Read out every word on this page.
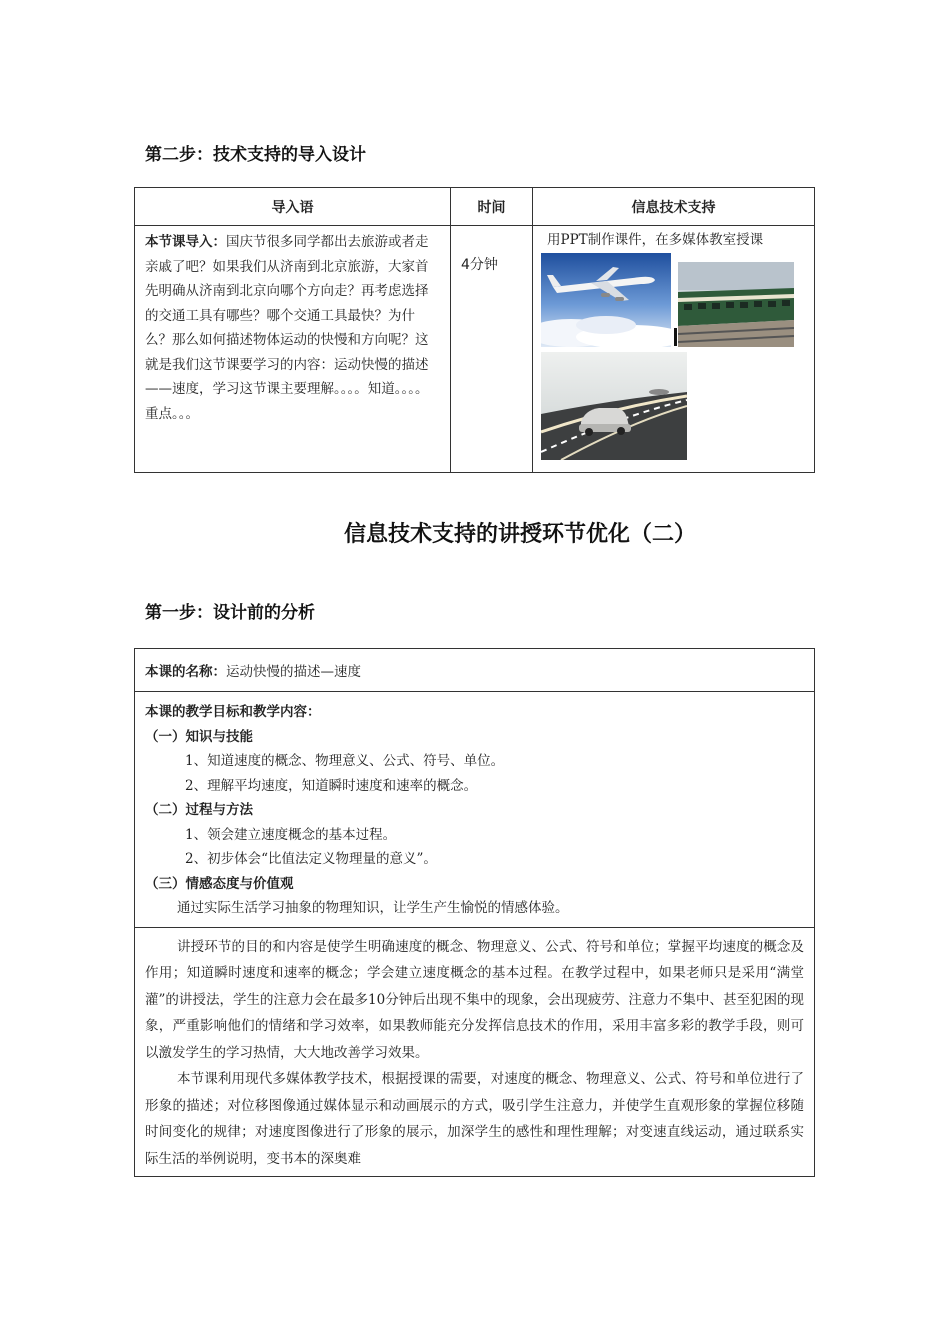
第二步：技术支持的导入设计
导入语	时间	信息技术支持
本节课导入：国庆节很多同学都出去旅游或者走亲戚了吧？如果我们从济南到北京旅游，大家首先明确从济南到北京向哪个方向走？再考虑选择的交通工具有哪些？哪个交通工具最快？为什么？那么如何描述物体运动的快慢和方向呢？这就是我们这节课要学习的内容：运动快慢的描述——速度，学习这节课主要理解。。。。知道。。。。重点。。。	4分钟	用PPT制作课件，在多媒体教室授课
信息技术支持的讲授环节优化（二）
第一步：设计前的分析
本课的名称：运动快慢的描述—速度

本课的教学目标和教学内容：
（一）知识与技能
1、知道速度的概念、物理意义、公式、符号、单位。
2、理解平均速度，知道瞬时速度和速率的概念。
（二）过程与方法
1、领会建立速度概念的基本过程。
2、初步体会“比值法定义物理量的意义”。
（三）情感态度与价值观
通过实际生活学习抽象的物理知识，让学生产生愉悦的情感体验。

讲授环节的目的和内容是使学生明确速度的概念、物理意义、公式、符号和单位；掌握平均速度的概念及作用；知道瞬时速度和速率的概念；学会建立速度概念的基本过程。在教学过程中，如果老师只是采用“满堂灌”的讲授法，学生的注意力会在最多10分钟后出现不集中的现象，会出现疲劳、注意力不集中、甚至犯困的现象，严重影响他们的情绪和学习效率，如果教师能充分发挥信息技术的作用，采用丰富多彩的教学手段，则可以激发学生的学习热情，大大地改善学习效果。

本节课利用现代多媒体教学技术，根据授课的需要，对速度的概念、物理意义、公式、符号和单位进行了形象的描述；对位移图像通过媒体显示和动画展示的方式，吸引学生注意力，并使学生直观形象的掌握位移随时间变化的规律；对速度图像进行了形象的展示，加深学生的感性和理性理解；对变速直线运动，通过联系实际生活的举例说明，变书本的深奥难
